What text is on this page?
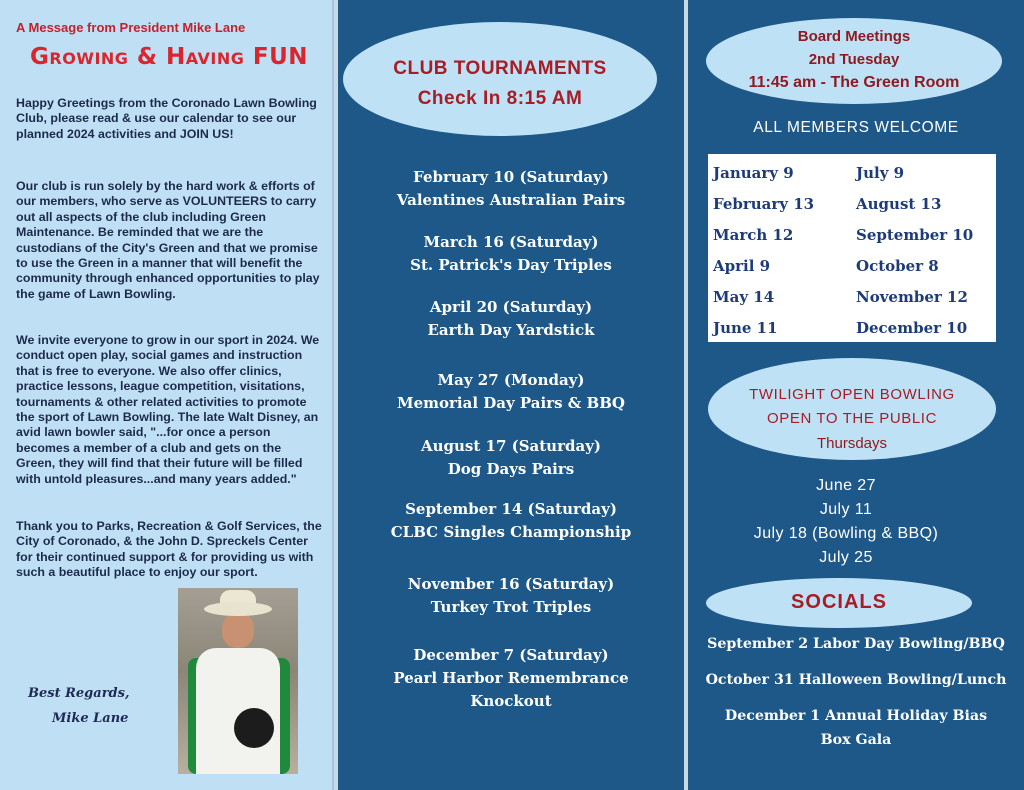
A Message from President Mike Lane
Growing & Having FUN

Happy Greetings from the Coronado Lawn Bowling Club, please read & use our calendar to see our planned 2024 activities and JOIN US!

Our club is run solely by the hard work & efforts of our members, who serve as VOLUNTEERS to carry out all aspects of the club including Green Maintenance. Be reminded that we are the custodians of the City's Green and that we promise to use the Green in a manner that will benefit the community through enhanced opportunities to play the game of Lawn Bowling.

We invite everyone to grow in our sport in 2024. We conduct open play, social games and instruction that is free to everyone. We also offer clinics, practice lessons, league competition, visitations, tournaments & other related activities to promote the sport of Lawn Bowling. The late Walt Disney, an avid lawn bowler said, "...for once a person becomes a member of a club and gets on the Green, they will find that their future will be filled with untold pleasures...and many years added."

Thank you to Parks, Recreation & Golf Services, the City of Coronado, & the John D. Spreckels Center for their continued support & for providing us with such a beautiful place to enjoy our sport.

Best Regards,
Mike Lane
CLUB TOURNAMENTS
Check In 8:15 AM
February 10 (Saturday)
Valentines Australian Pairs
March 16 (Saturday)
St. Patrick's Day Triples
April 20 (Saturday)
Earth Day Yardstick
May 27 (Monday)
Memorial Day Pairs & BBQ
August 17 (Saturday)
Dog Days Pairs
September 14 (Saturday)
CLBC Singles Championship
November 16 (Saturday)
Turkey Trot Triples
December 7 (Saturday)
Pearl Harbor Remembrance
Knockout
Board Meetings
2nd Tuesday
11:45 am - The Green Room
ALL MEMBERS WELCOME
January 9
February 13
March 12
April 9
May 14
June 11
July 9
August 13
September 10
October 8
November 12
December 10
TWILIGHT OPEN BOWLING
OPEN TO THE PUBLIC
Thursdays
June 27
July 11
July 18 (Bowling & BBQ)
July 25
SOCIALS
September 2 Labor Day Bowling/BBQ
October 31 Halloween Bowling/Lunch
December 1 Annual Holiday Bias
Box Gala
